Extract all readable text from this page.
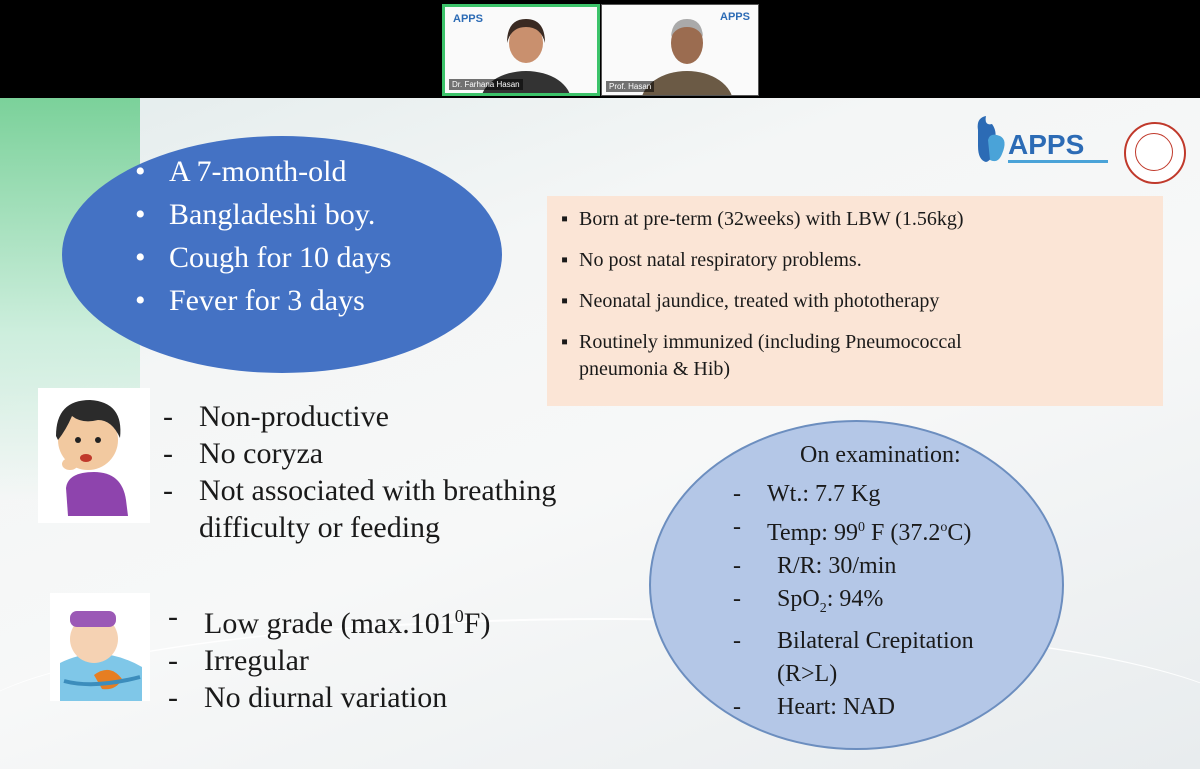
APPS
Dr. Farhana Hasan
APPS
Prof. Hasan
APPS
• A 7-month-old
• Bangladeshi boy.
• Cough for 10 days
• Fever for 3 days
▪ Born at pre-term (32weeks) with LBW (1.56kg)
▪ No post natal respiratory problems.
▪ Neonatal jaundice, treated with phototherapy
▪ Routinely immunized (including Pneumococcal
pneumonia & Hib)
- Non-productive
- No coryza
- Not associated with breathing
difficulty or feeding
- Low grade (max.101$^0$F)
- Irregular
- No diurnal variation
On examination:
- Wt.: 7.7 Kg
- Temp: $99^0$ F (37.2$^o$C)
- R/R: 30/min
- SpO$_2$: 94%
- Bilateral Crepitation
(R>L)
- Heart: NAD
